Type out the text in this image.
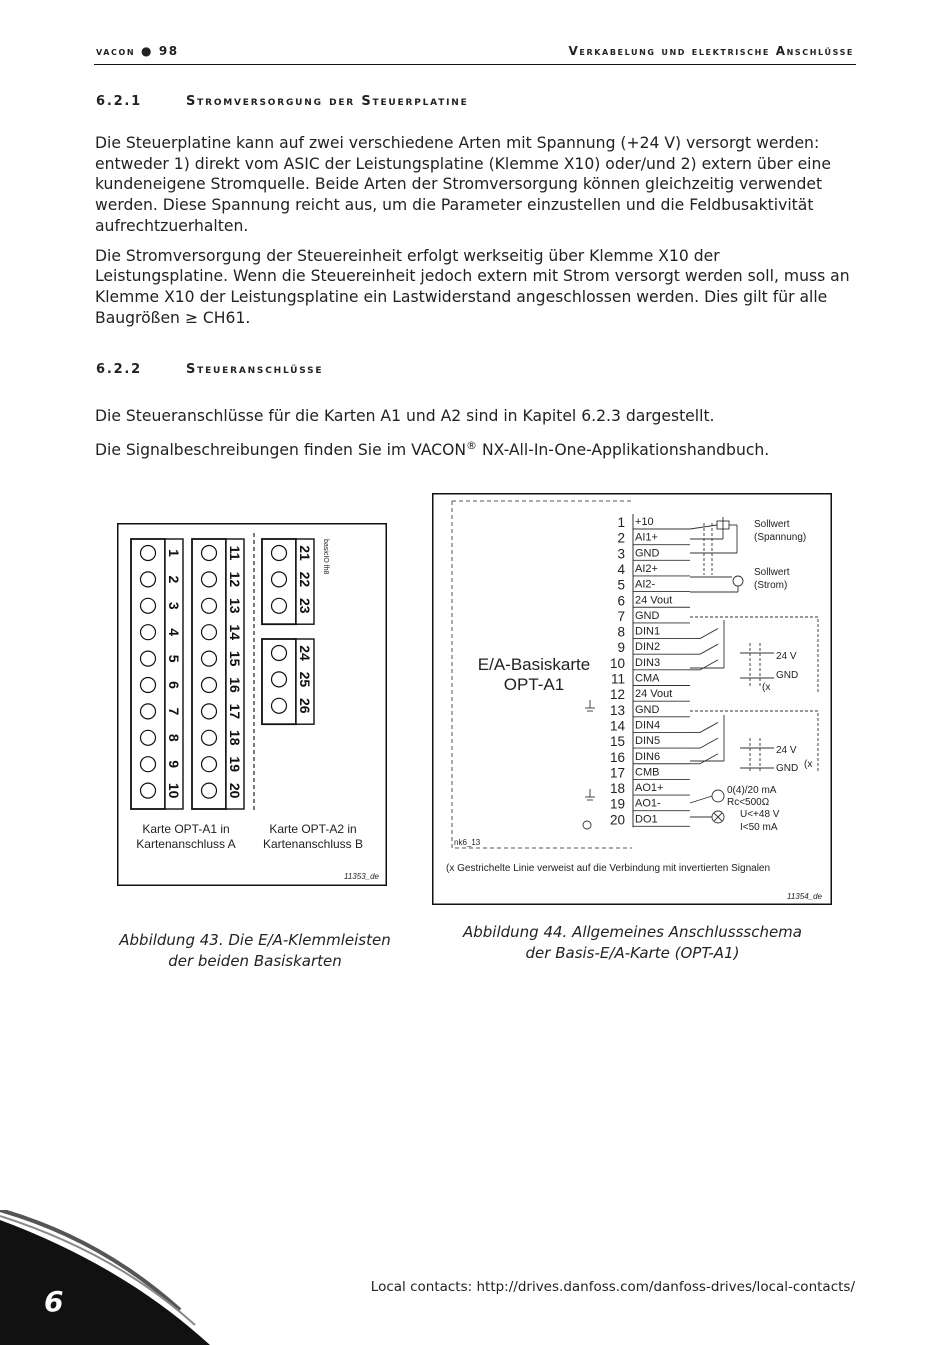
vacon ● 98	Verkabelung und elektrische Anschlüsse
6.2.1	Stromversorgung der Steuerplatine

Die Steuerplatine kann auf zwei verschiedene Arten mit Spannung (+24 V) versorgt werden: entweder 1) direkt vom ASIC der Leistungsplatine (Klemme X10) oder/und 2) extern über eine kundeneigene Stromquelle. Beide Arten der Stromversorgung können gleichzeitig verwendet werden. Diese Spannung reicht aus, um die Parameter einzustellen und die Feldbusaktivität aufrechtzuerhalten.

Die Stromversorgung der Steuereinheit erfolgt werkseitig über Klemme X10 der Leistungsplatine. Wenn die Steuereinheit jedoch extern mit Strom versorgt werden soll, muss an Klemme X10 der Leistungsplatine ein Lastwiderstand angeschlossen werden. Dies gilt für alle Baugrößen ≥ CH61.

6.2.2	Steueranschlüsse

Die Steueranschlüsse für die Karten A1 und A2 sind in Kapitel 6.2.3 dargestellt.

Die Signalbeschreibungen finden Sie im VACON® NX-All-In-One-Applikationshandbuch.

1
2
3
4
5
6
7
8
9
10
11
12
13
14
15
16
17
18
19
20
21
22
23
24
25
26
Karte OPT-A1 in
Kartenanschluss A
Karte OPT-A2 in
Kartenanschluss B
11353_de
basicIO fh8
Abbildung 43. Die E/A-Klemmleisten
der beiden Basiskarten
1 +10
2 AI1+
3 GND
4 AI2+
5 AI2-
6 24 Vout
7 GND
8 DIN1
9 DIN2
10 DIN3
11 CMA
12 24 Vout
13 GND
14 DIN4
15 DIN5
16 DIN6
17 CMB
18 AO1+
19 AO1-
20 DO1
E/A-Basiskarte
OPT-A1
Sollwert
(Spannung)
Sollwert
(Strom)
24 V
GND
(x
24 V
GND (x
0(4)/20 mA
Rc<500Ω
U<+48 V
I<50 mA
nk6_13
(x Gestrichelte Linie verweist auf die Verbindung mit invertierten Signalen
11354_de
Abbildung 44. Allgemeines Anschlussschema
der Basis-E/A-Karte (OPT-A1)
6	Local contacts: http://drives.danfoss.com/danfoss-drives/local-contacts/
